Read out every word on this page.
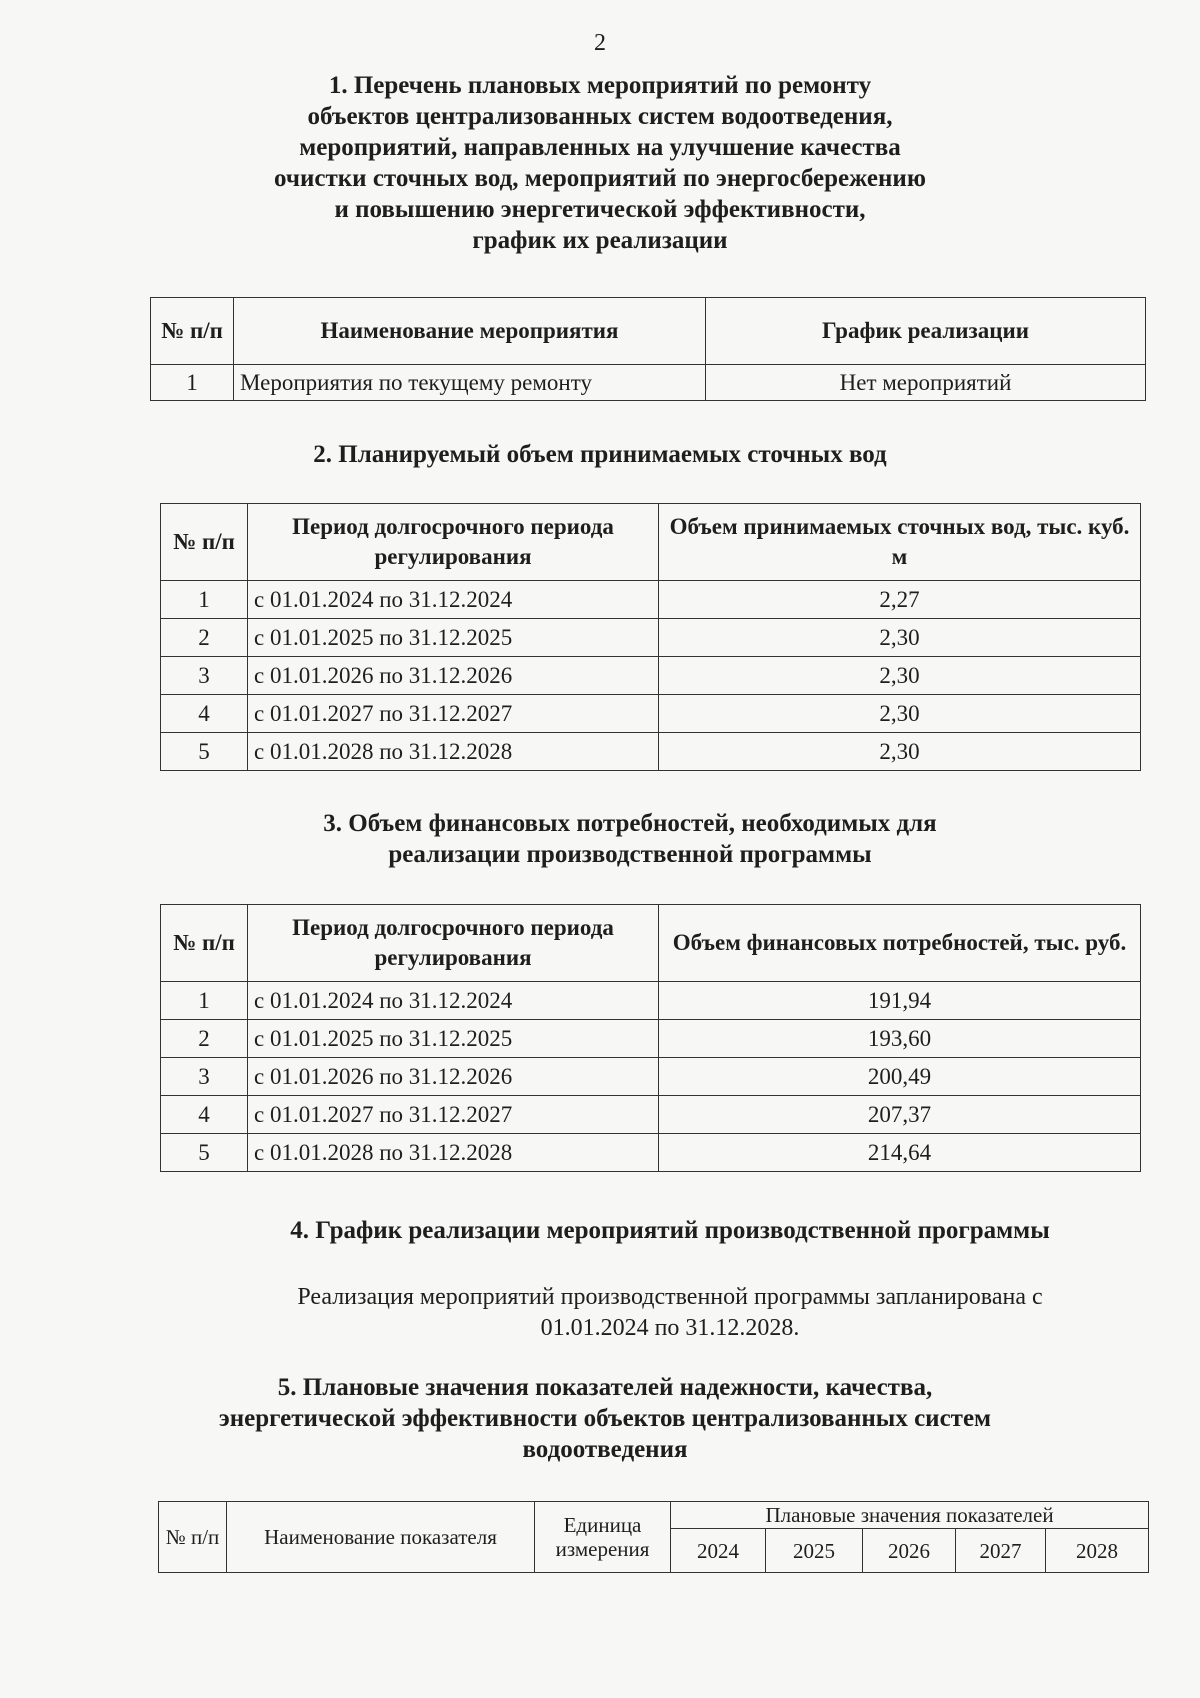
2
1. Перечень плановых мероприятий по ремонту
объектов централизованных систем водоотведения,
мероприятий, направленных на улучшение качества
очистки сточных вод, мероприятий по энергосбережению
и повышению энергетической эффективности,
график их реализации
№ п/п	Наименование мероприятия	График реализации
1	Мероприятия по текущему ремонту	Нет мероприятий
2. Планируемый объем принимаемых сточных вод
№ п/п	Период долгосрочного периода регулирования	Объем принимаемых сточных вод, тыс. куб. м
1	с 01.01.2024 по 31.12.2024	2,27
2	с 01.01.2025 по 31.12.2025	2,30
3	с 01.01.2026 по 31.12.2026	2,30
4	с 01.01.2027 по 31.12.2027	2,30
5	с 01.01.2028 по 31.12.2028	2,30
3. Объем финансовых потребностей, необходимых для
реализации производственной программы
№ п/п	Период долгосрочного периода регулирования	Объем финансовых потребностей, тыс. руб.
1	с 01.01.2024 по 31.12.2024	191,94
2	с 01.01.2025 по 31.12.2025	193,60
3	с 01.01.2026 по 31.12.2026	200,49
4	с 01.01.2027 по 31.12.2027	207,37
5	с 01.01.2028 по 31.12.2028	214,64
4. График реализации мероприятий производственной программы
Реализация мероприятий производственной программы запланирована с
01.01.2024 по 31.12.2028.
5. Плановые значения показателей надежности, качества,
энергетической эффективности объектов централизованных систем
водоотведения
№ п/п	Наименование показателя	Единица измерения	Плановые значения показателей				
			2024	2025	2026	2027	2028
